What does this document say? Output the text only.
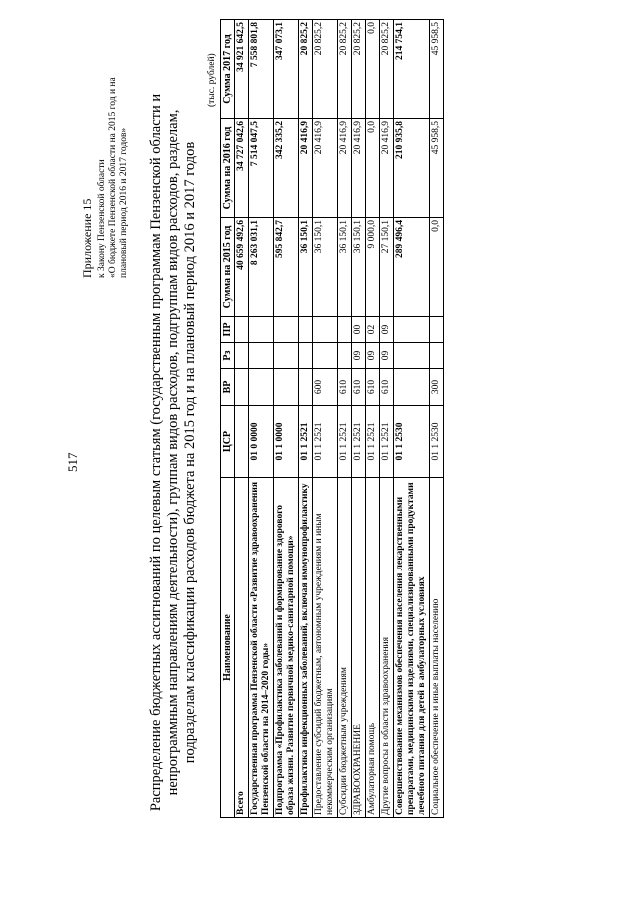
517
Приложение 15 к Закону Пензенской области «О бюджете Пензенской области на 2015 год и на плановый период 2016 и 2017 годов» Распределение бюджетных ассигнований по целевым статьям (государственным программам Пензенской области и непрограммным направлениям деятельности), группам видов расходов, подгруппам видов расходов, разделам, подразделам классификации расходов бюджета на 2015 год и на плановый период 2016 и 2017 годов
(тыс. рублей)
Наименование	ЦСР	ВР	Рз	ПР	Сумма на 2015 год	Сумма на 2016 год	Сумма 2017 год
Всего					40 659 492,6	34 727 042,6	34 921 642,5
Государственная программа Пензенской области «Развитие здравоохранения Пензенской области на 2014–2020 годы»	01 0 0000				8 263 031,1	7 514 047,5	7 558 801,8
Подпрограмма «Профилактика заболеваний и формирование здорового образа жизни. Развитие первичной медико-санитарной помощи»	01 1 0000				595 842,7	342 335,2	347 073,1
Профилактика инфекционных заболеваний, включая иммунопрофилактику	01 1 2521				36 150,1	20 416,9	20 825,2
Предоставление субсидий бюджетным, автономным учреждениям и иным некоммерческим организациям	01 1 2521	600			36 150,1	20 416,9	20 825,2
Субсидии бюджетным учреждениям	01 1 2521	610			36 150,1	20 416,9	20 825,2
ЗДРАВООХРАНЕНИЕ	01 1 2521	610	09	00	36 150,1	20 416,9	20 825,2
Амбулаторная помощь	01 1 2521	610	09	02	9 000,0	0,0	0,0
Другие вопросы в области здравоохранения	01 1 2521	610	09	09	27 150,1	20 416,9	20 825,2
Совершенствование механизмов обеспечения населения лекарственными препаратами, медицинскими изделиями, специализированными продуктами лечебного питания для детей в амбулаторных условиях	01 1 2530				289 496,4	210 935,8	214 754,1
Социальное обеспечение и иные выплаты населению	01 1 2530	300			0,0	45 958,5	45 958,5
